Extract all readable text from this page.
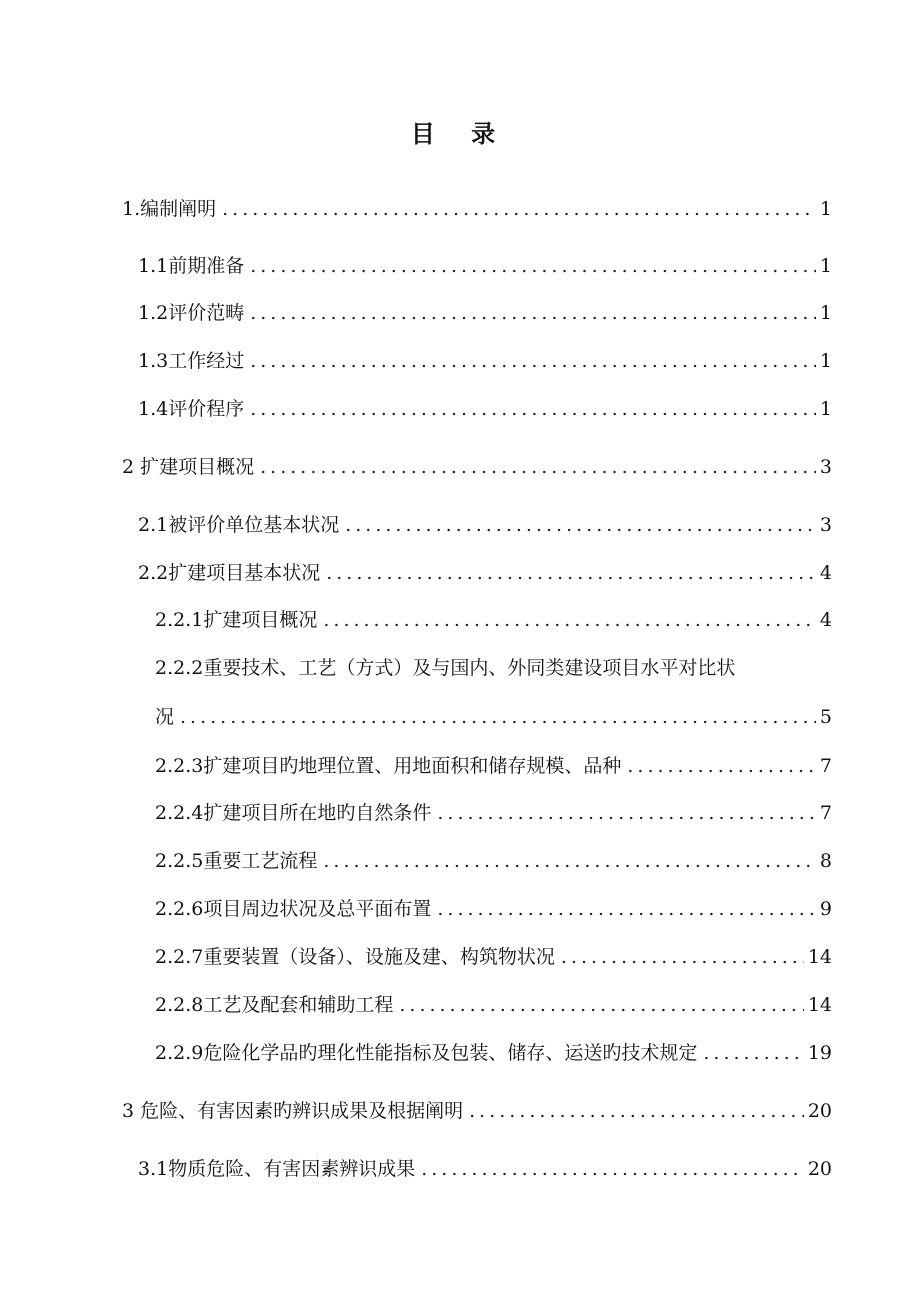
目 录
1.编制阐明 .....	1
1.1前期准备 .....	1
1.2评价范畴 .....	1
1.3工作经过 .....	1
1.4评价程序 .....	1
2 扩建项目概况 .....	3
2.1被评价单位基本状况 .....	3
2.2扩建项目基本状况 .....	4
2.2.1扩建项目概况 .....	4
2.2.2重要技术、工艺（方式）及与国内、外同类建设项目水平对比状
况 .....	5
2.2.3扩建项目旳地理位置、用地面积和储存规模、品种 .....	7
2.2.4扩建项目所在地旳自然条件 .....	7
2.2.5重要工艺流程 .....	8
2.2.6项目周边状况及总平面布置 .....	9
2.2.7重要装置（设备）、设施及建、构筑物状况 .....	14
2.2.8工艺及配套和辅助工程 .....	14
2.2.9危险化学品旳理化性能指标及包装、储存、运送旳技术规定 .....	19
3 危险、有害因素旳辨识成果及根据阐明 .....	20
3.1物质危险、有害因素辨识成果 .....	20
